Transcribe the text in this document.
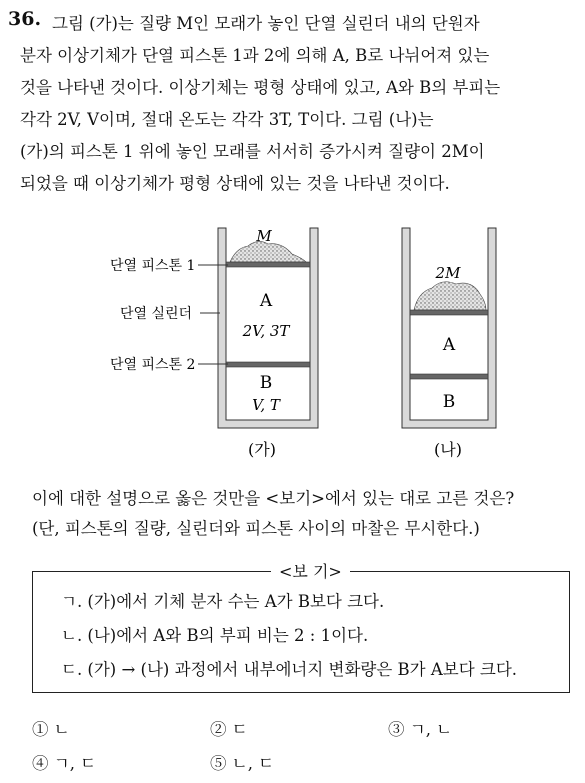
36. 그림 (가)는 질량 M인 모래가 놓인 단열 실린더 내의 단원자
분자 이상기체가 단열 피스톤 1과 2에 의해 A, B로 나뉘어져 있는
것을 나타낸 것이다. 이상기체는 평형 상태에 있고, A와 B의 부피는
각각 2V, V이며, 절대 온도는 각각 3T, T이다. 그림 (나)는
(가)의 피스톤 1 위에 놓인 모래를 서서히 증가시켜 질량이 2M이
되었을 때 이상기체가 평형 상태에 있는 것을 나타낸 것이다.
M
A
2V, 3T
B
V, T
(가)
단열 피스톤 1
단열 실린더
단열 피스톤 2
2M
A
B
(나)
이에 대한 설명으로 옳은 것만을 <보기>에서 있는 대로 고른 것은?
(단, 피스톤의 질량, 실린더와 피스톤 사이의 마찰은 무시한다.)
<보 기>
ㄱ. (가)에서 기체 분자 수는 A가 B보다 크다.
ㄴ. (나)에서 A와 B의 부피 비는 2 : 1이다.
ㄷ. (가) → (나) 과정에서 내부에너지 변화량은 B가 A보다 크다.
① ㄴ	② ㄷ	③ ㄱ, ㄴ
④ ㄱ, ㄷ	⑤ ㄴ, ㄷ
